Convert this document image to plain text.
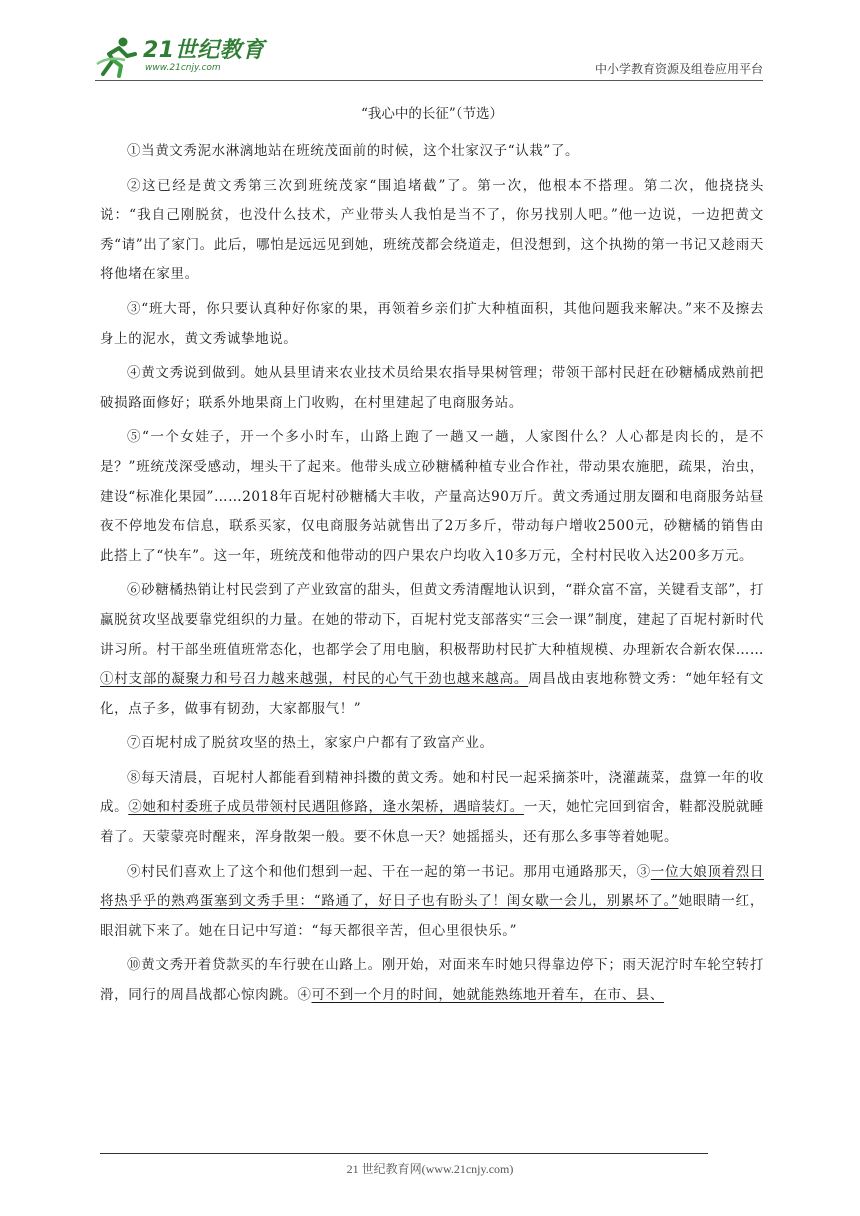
21世纪教育
www.21cnjy.com	中小学教育资源及组卷应用平台
“我心中的长征”（节选）

①当黄文秀泥水淋漓地站在班统茂面前的时候，这个壮家汉子“认栽”了。

②这已经是黄文秀第三次到班统茂家“围追堵截”了。第一次，他根本不搭理。第二次，他挠挠头说：“我自己刚脱贫，也没什么技术，产业带头人我怕是当不了，你另找别人吧。”他一边说，一边把黄文秀“请”出了家门。此后，哪怕是远远见到她，班统茂都会绕道走，但没想到，这个执拗的第一书记又趁雨天将他堵在家里。

③“班大哥，你只要认真种好你家的果，再领着乡亲们扩大种植面积，其他问题我来解决。”来不及擦去身上的泥水，黄文秀诚挚地说。

④黄文秀说到做到。她从县里请来农业技术员给果农指导果树管理；带领干部村民赶在砂糖橘成熟前把破损路面修好；联系外地果商上门收购，在村里建起了电商服务站。

⑤“一个女娃子，开一个多小时车，山路上跑了一趟又一趟，人家图什么？人心都是肉长的，是不是？”班统茂深受感动，埋头干了起来。他带头成立砂糖橘种植专业合作社，带动果农施肥，疏果，治虫，建设“标准化果园”……2018年百坭村砂糖橘大丰收，产量高达90万斤。黄文秀通过朋友圈和电商服务站昼夜不停地发布信息，联系买家，仅电商服务站就售出了2万多斤，带动每户增收2500元，砂糖橘的销售由此搭上了“快车”。这一年，班统茂和他带动的四户果农户均收入10多万元，全村村民收入达200多万元。

⑥砂糖橘热销让村民尝到了产业致富的甜头，但黄文秀清醒地认识到，“群众富不富，关键看支部”，打赢脱贫攻坚战要靠党组织的力量。在她的带动下，百坭村党支部落实“三会一课”制度，建起了百坭村新时代讲习所。村干部坐班值班常态化，也都学会了用电脑，积极帮助村民扩大种植规模、办理新农合新农保……①村支部的凝聚力和号召力越来越强，村民的心气干劲也越来越高。周昌战由衷地称赞文秀：“她年轻有文化，点子多，做事有韧劲，大家都服气！”

⑦百坭村成了脱贫攻坚的热土，家家户户都有了致富产业。

⑧每天清晨，百坭村人都能看到精神抖擞的黄文秀。她和村民一起采摘茶叶，浇灌蔬菜，盘算一年的收成。②她和村委班子成员带领村民遇阻修路，逢水架桥，遇暗装灯。一天，她忙完回到宿舍，鞋都没脱就睡着了。天蒙蒙亮时醒来，浑身散架一般。要不休息一天？她摇摇头，还有那么多事等着她呢。

⑨村民们喜欢上了这个和他们想到一起、干在一起的第一书记。那用屯通路那天，③一位大娘顶着烈日将热乎乎的熟鸡蛋塞到文秀手里：“路通了，好日子也有盼头了！闺女歇一会儿，别累坏了。”她眼睛一红，眼泪就下来了。她在日记中写道：“每天都很辛苦，但心里很快乐。”

⑩黄文秀开着贷款买的车行驶在山路上。刚开始，对面来车时她只得靠边停下；雨天泥泞时车轮空转打滑，同行的周昌战都心惊肉跳。④可不到一个月的时间，她就能熟练地开着车，在市、县、

21 世纪教育网(www.21cnjy.com)
